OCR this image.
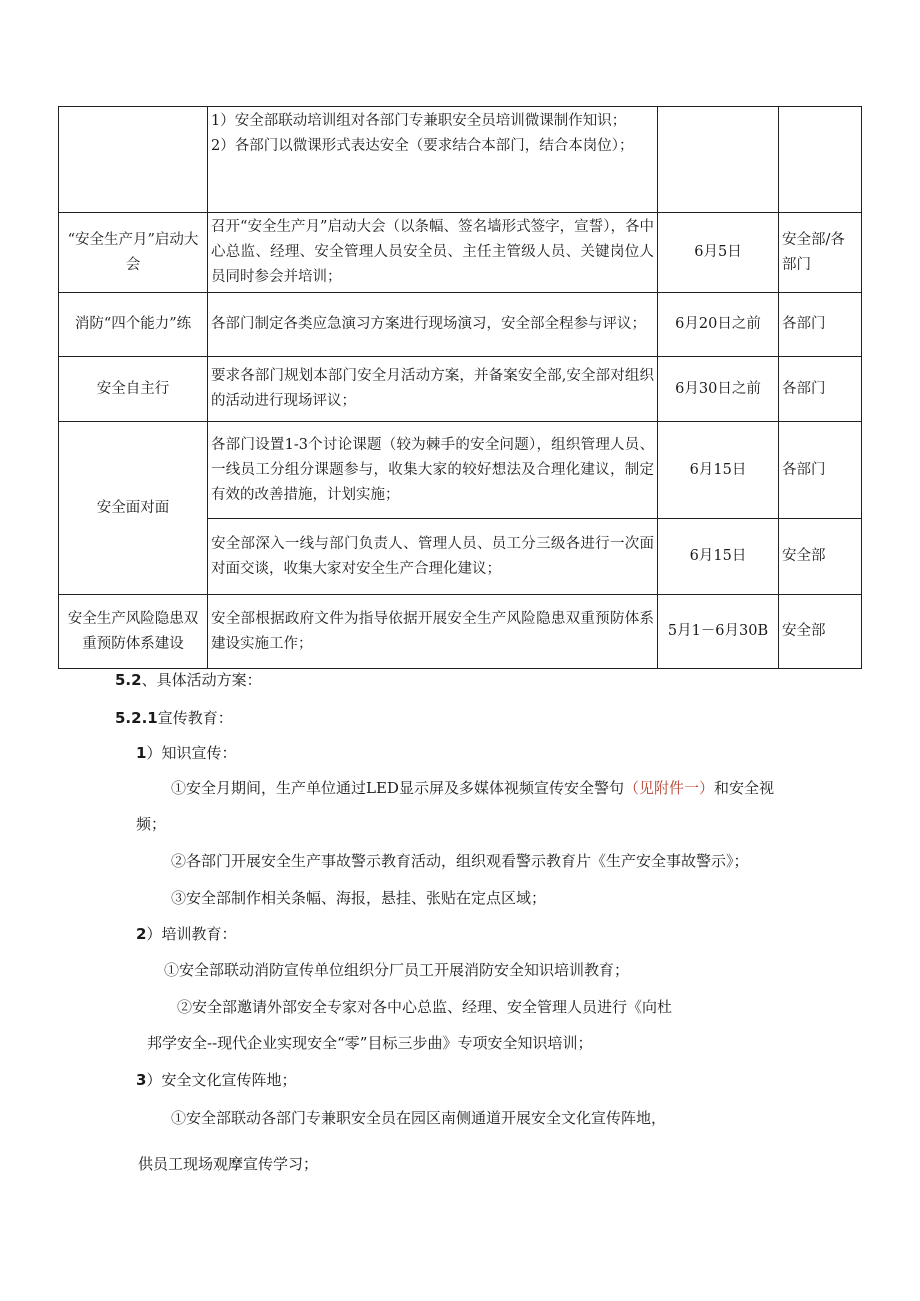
	1）安全部联动培训组对各部门专兼职安全员培训微课制作知识；
2）各部门以微课形式表达安全（要求结合本部门，结合本岗位）；		

“安全生产月”启动大会	召开“安全生产月”启动大会（以条幅、签名墙形式签字，宣誓），各中心总监、经理、安全管理人员安全员、主任主管级人员、关键岗位人员同时参会并培训；	6月5日	安全部/各部门
消防“四个能力”练	各部门制定各类应急演习方案进行现场演习，安全部全程参与评议；	6月20日之前	各部门
安全自主行	要求各部门规划本部门安全月活动方案，并备案安全部,安全部对组织的活动进行现场评议；	6月30日之前	各部门
安全面对面	各部门设置1-3个讨论课题（较为棘手的安全问题），组织管理人员、一线员工分组分课题参与，收集大家的较好想法及合理化建议，制定有效的改善措施，计划实施；	6月15日	各部门
	安全部深入一线与部门负责人、管理人员、员工分三级各进行一次面对面交谈，收集大家对安全生产合理化建议；	6月15日	安全部
安全生产风险隐患双重预防体系建设	安全部根据政府文件为指导依据开展安全生产风险隐患双重预防体系建设实施工作；	5月1－6月30B	安全部
5.2、具体活动方案：
5.2.1宣传教育：
1）知识宣传：
①安全月期间，生产单位通过LED显示屏及多媒体视频宣传安全警句（见附件一）和安全视
频；
②各部门开展安全生产事故警示教育活动，组织观看警示教育片《生产安全事故警示》；
③安全部制作相关条幅、海报，悬挂、张贴在定点区域；
2）培训教育：
①安全部联动消防宣传单位组织分厂员工开展消防安全知识培训教育；
②安全部邀请外部安全专家对各中心总监、经理、安全管理人员进行《向杜
邦学安全--现代企业实现安全“零”目标三步曲》专项安全知识培训；
3）安全文化宣传阵地；
①安全部联动各部门专兼职安全员在园区南侧通道开展安全文化宣传阵地，
供员工现场观摩宣传学习；
